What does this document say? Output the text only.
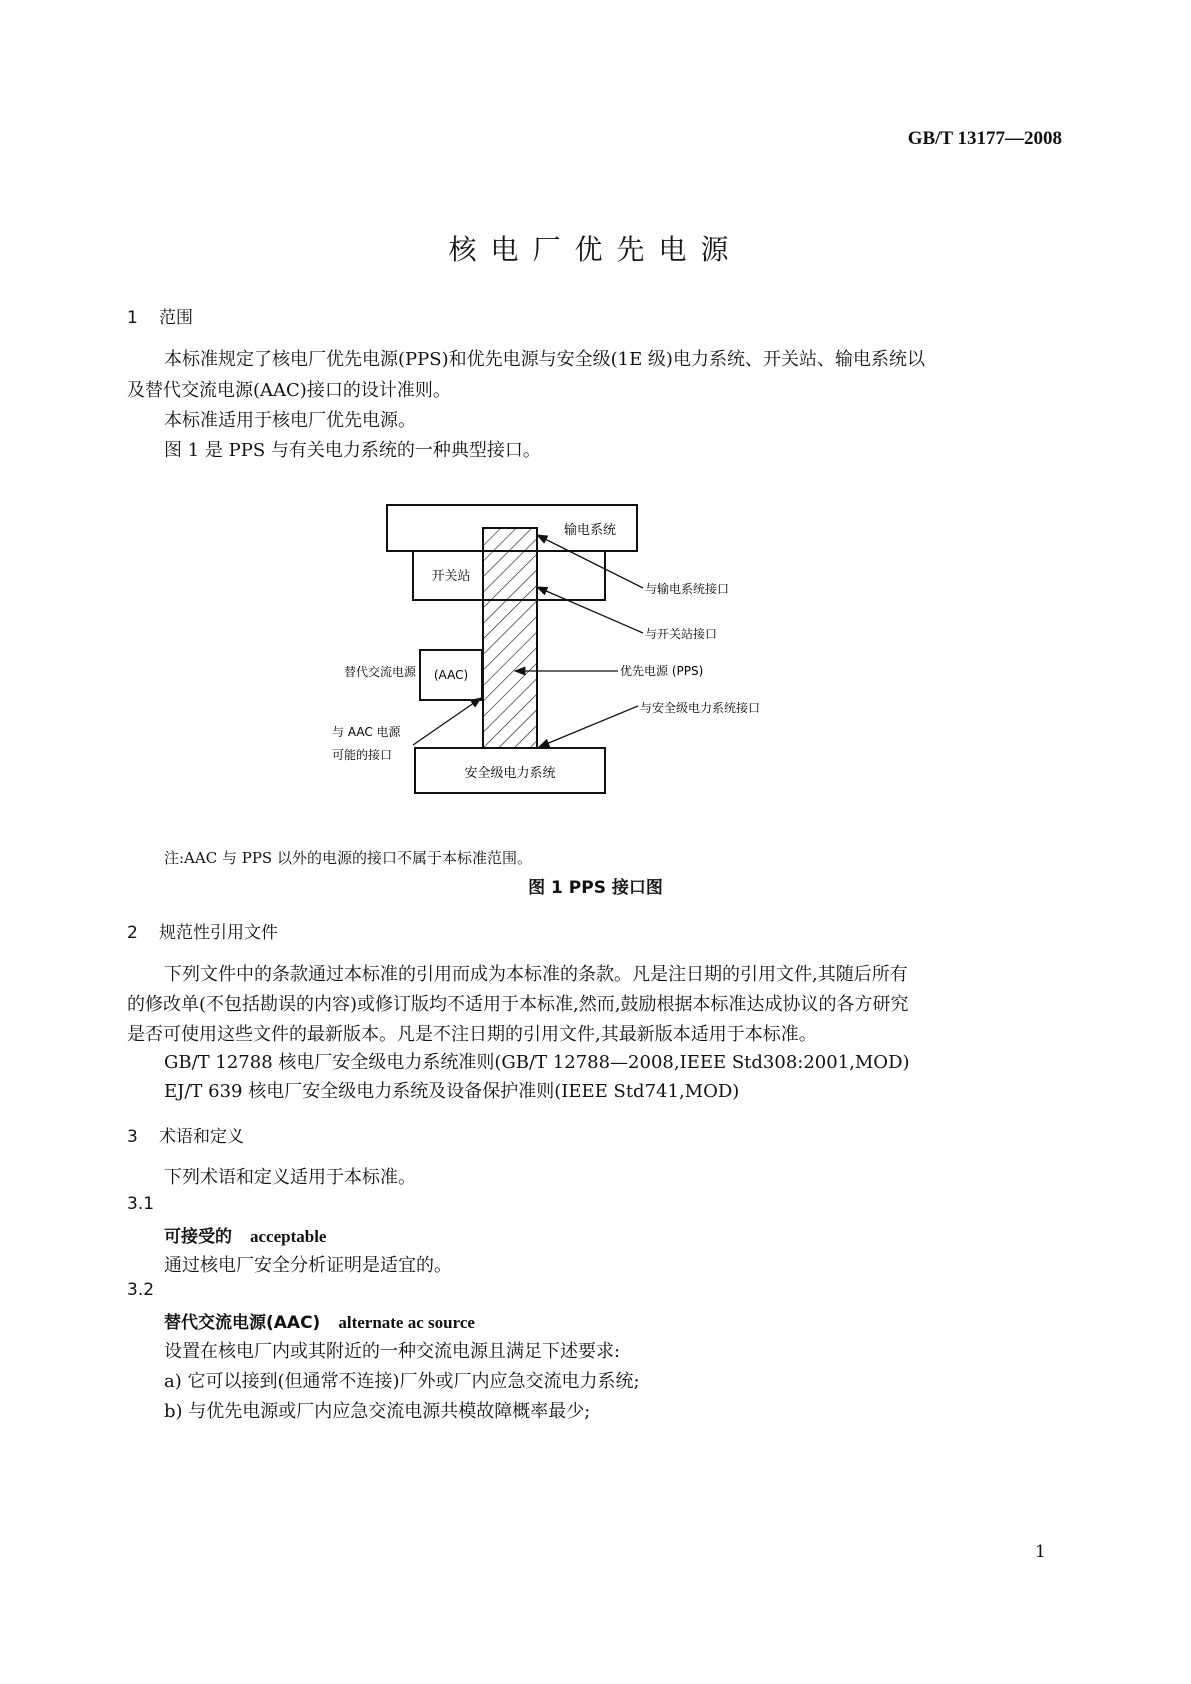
GB/T 13177—2008
核电厂优先电源
1 范围
本标准规定了核电厂优先电源(PPS)和优先电源与安全级(1E 级)电力系统、开关站、输电系统以
及替代交流电源(AAC)接口的设计准则。
本标准适用于核电厂优先电源。
图 1 是 PPS 与有关电力系统的一种典型接口。
输电系统
开关站
(AAC)
替代交流电源
安全级电力系统
与输电系统接口
与开关站接口
优先电源 (PPS)
与安全级电力系统接口
与 AAC 电源
可能的接口
注:AAC 与 PPS 以外的电源的接口不属于本标准范围。
图 1 PPS 接口图
2 规范性引用文件
下列文件中的条款通过本标准的引用而成为本标准的条款。凡是注日期的引用文件,其随后所有
的修改单(不包括勘误的内容)或修订版均不适用于本标准,然而,鼓励根据本标准达成协议的各方研究
是否可使用这些文件的最新版本。凡是不注日期的引用文件,其最新版本适用于本标准。
GB/T 12788 核电厂安全级电力系统准则(GB/T 12788—2008,IEEE Std308:2001,MOD)
EJ/T 639 核电厂安全级电力系统及设备保护准则(IEEE Std741,MOD)
3 术语和定义
下列术语和定义适用于本标准。
3.1
可接受的 acceptable
通过核电厂安全分析证明是适宜的。
3.2
替代交流电源(AAC) alternate ac source
设置在核电厂内或其附近的一种交流电源且满足下述要求:
a) 它可以接到(但通常不连接)厂外或厂内应急交流电力系统;
b) 与优先电源或厂内应急交流电源共模故障概率最少;
1
